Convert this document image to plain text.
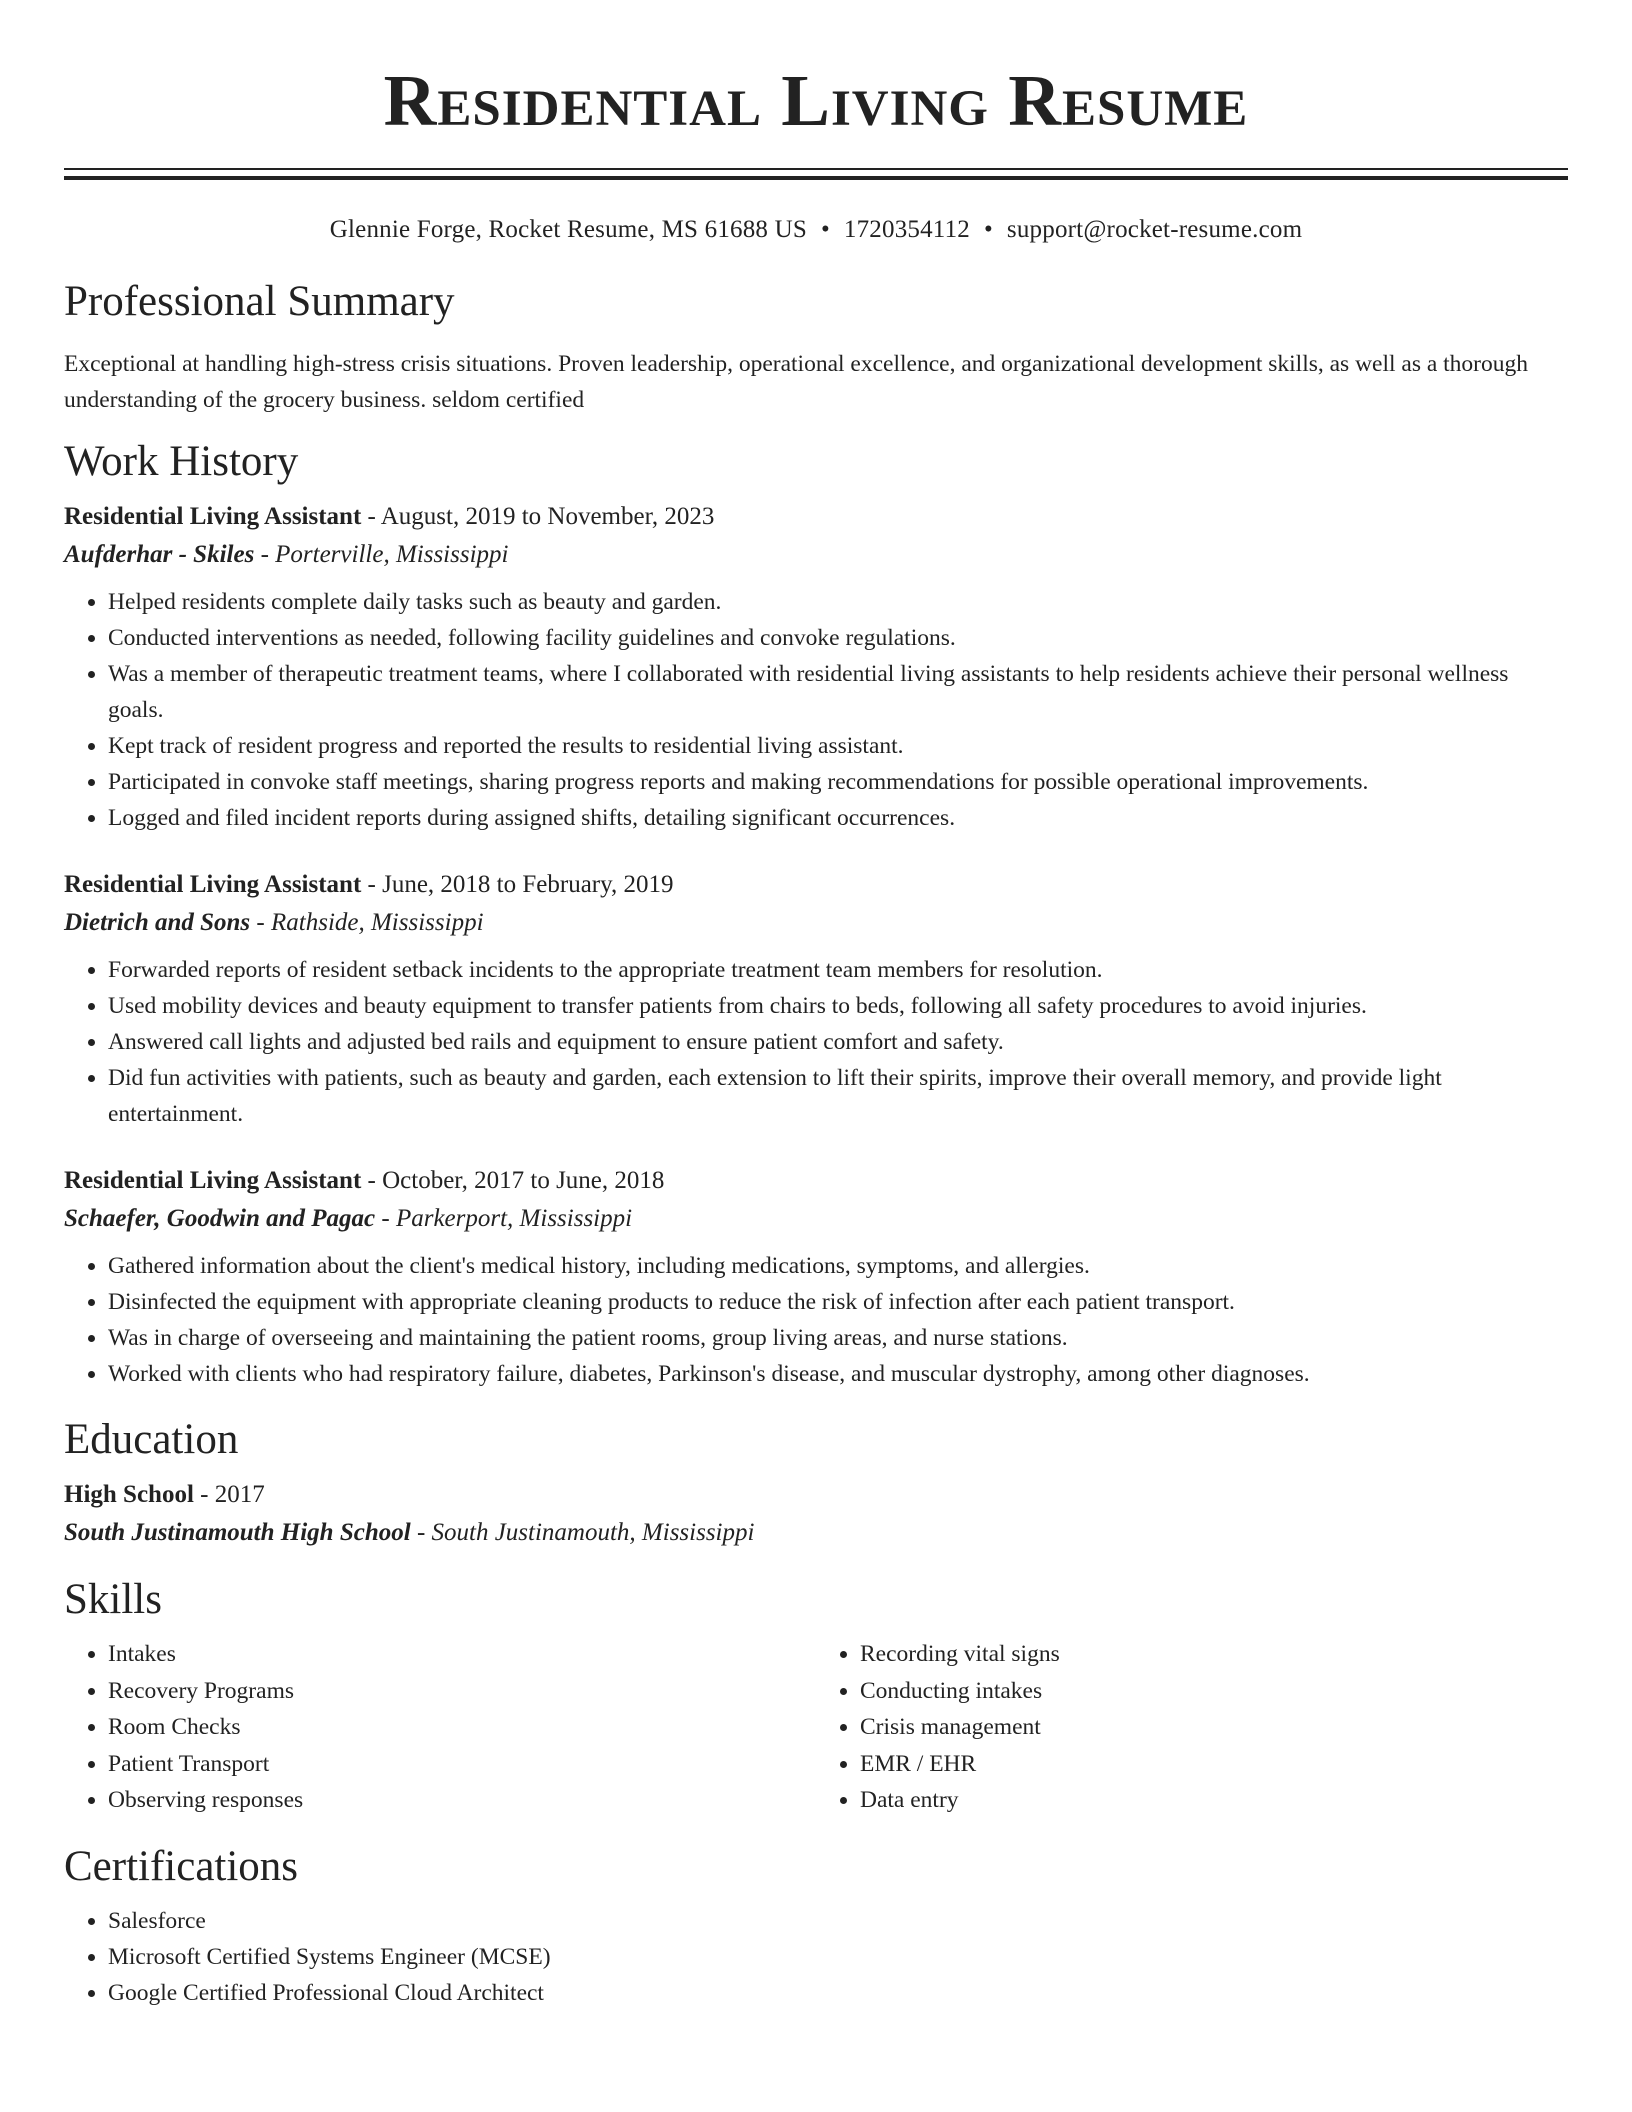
Residential Living Resume
Glennie Forge, Rocket Resume, MS 61688 US • 1720354112 • support@rocket-resume.com
Professional Summary

Exceptional at handling high-stress crisis situations. Proven leadership, operational excellence, and organizational development skills, as well as a thorough understanding of the grocery business. seldom certified

Work History
Residential Living Assistant - August, 2019 to November, 2023
Aufderhar - Skiles - Porterville, Mississippi
• Helped residents complete daily tasks such as beauty and garden.
• Conducted interventions as needed, following facility guidelines and convoke regulations.
• Was a member of therapeutic treatment teams, where I collaborated with residential living assistants to help residents achieve their personal wellness goals.
• Kept track of resident progress and reported the results to residential living assistant.
• Participated in convoke staff meetings, sharing progress reports and making recommendations for possible operational improvements.
• Logged and filed incident reports during assigned shifts, detailing significant occurrences.
Residential Living Assistant - June, 2018 to February, 2019
Dietrich and Sons - Rathside, Mississippi
• Forwarded reports of resident setback incidents to the appropriate treatment team members for resolution.
• Used mobility devices and beauty equipment to transfer patients from chairs to beds, following all safety procedures to avoid injuries.
• Answered call lights and adjusted bed rails and equipment to ensure patient comfort and safety.
• Did fun activities with patients, such as beauty and garden, each extension to lift their spirits, improve their overall memory, and provide light entertainment.
Residential Living Assistant - October, 2017 to June, 2018
Schaefer, Goodwin and Pagac - Parkerport, Mississippi
• Gathered information about the client's medical history, including medications, symptoms, and allergies.
• Disinfected the equipment with appropriate cleaning products to reduce the risk of infection after each patient transport.
• Was in charge of overseeing and maintaining the patient rooms, group living areas, and nurse stations.
• Worked with clients who had respiratory failure, diabetes, Parkinson's disease, and muscular dystrophy, among other diagnoses.
Education
High School - 2017
South Justinamouth High School - South Justinamouth, Mississippi
Skills
• Intakes
• Recovery Programs
• Room Checks
• Patient Transport
• Observing responses
• Recording vital signs
• Conducting intakes
• Crisis management
• EMR / EHR
• Data entry
Certifications
• Salesforce
• Microsoft Certified Systems Engineer (MCSE)
• Google Certified Professional Cloud Architect
